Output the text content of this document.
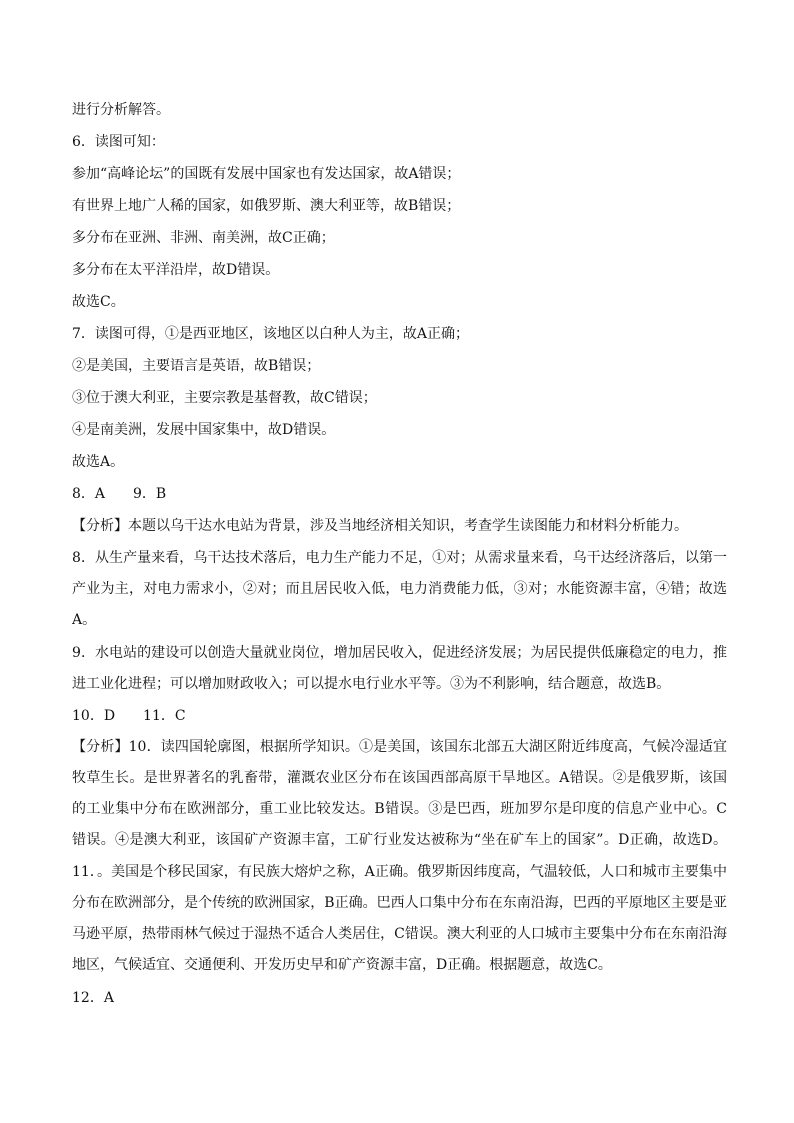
进行分析解答。
6．读图可知：
参加“高峰论坛”的国既有发展中国家也有发达国家，故A错误；
有世界上地广人稀的国家，如俄罗斯、澳大利亚等，故B错误；
多分布在亚洲、非洲、南美洲，故C正确；
多分布在太平洋沿岸，故D错误。
故选C。
7．读图可得，①是西亚地区，该地区以白种人为主，故A正确；
②是美国，主要语言是英语，故B错误；
③位于澳大利亚，主要宗教是基督教，故C错误；
④是南美洲，发展中国家集中，故D错误。
故选A。
8．A　　9．B
【分析】本题以乌干达水电站为背景，涉及当地经济相关知识，考查学生读图能力和材料分析能力。
8．从生产量来看，乌干达技术落后，电力生产能力不足，①对；从需求量来看，乌干达经济落后，以第一
产业为主，对电力需求小，②对；而且居民收入低，电力消费能力低，③对；水能资源丰富，④错；故选
A。
9．水电站的建设可以创造大量就业岗位，增加居民收入，促进经济发展；为居民提供低廉稳定的电力，推
进工业化进程；可以增加财政收入；可以提水电行业水平等。③为不利影响，结合题意，故选B。
10．D　　11．C
【分析】10．读四国轮廓图，根据所学知识。①是美国，该国东北部五大湖区附近纬度高，气候冷湿适宜
牧草生长。是世界著名的乳畜带，灌溉农业区分布在该国西部高原干旱地区。A错误。②是俄罗斯，该国
的工业集中分布在欧洲部分，重工业比较发达。B错误。③是巴西，班加罗尔是印度的信息产业中心。C
错误。④是澳大利亚，该国矿产资源丰富，工矿行业发达被称为“坐在矿车上的国家”。D正确，故选D。
11．。美国是个移民国家，有民族大熔炉之称，A正确。俄罗斯因纬度高，气温较低，人口和城市主要集中
分布在欧洲部分，是个传统的欧洲国家，B正确。巴西人口集中分布在东南沿海，巴西的平原地区主要是亚
马逊平原，热带雨林气候过于湿热不适合人类居住，C错误。澳大利亚的人口城市主要集中分布在东南沿海
地区，气候适宜、交通便利、开发历史早和矿产资源丰富，D正确。根据题意，故选C。
12．A
